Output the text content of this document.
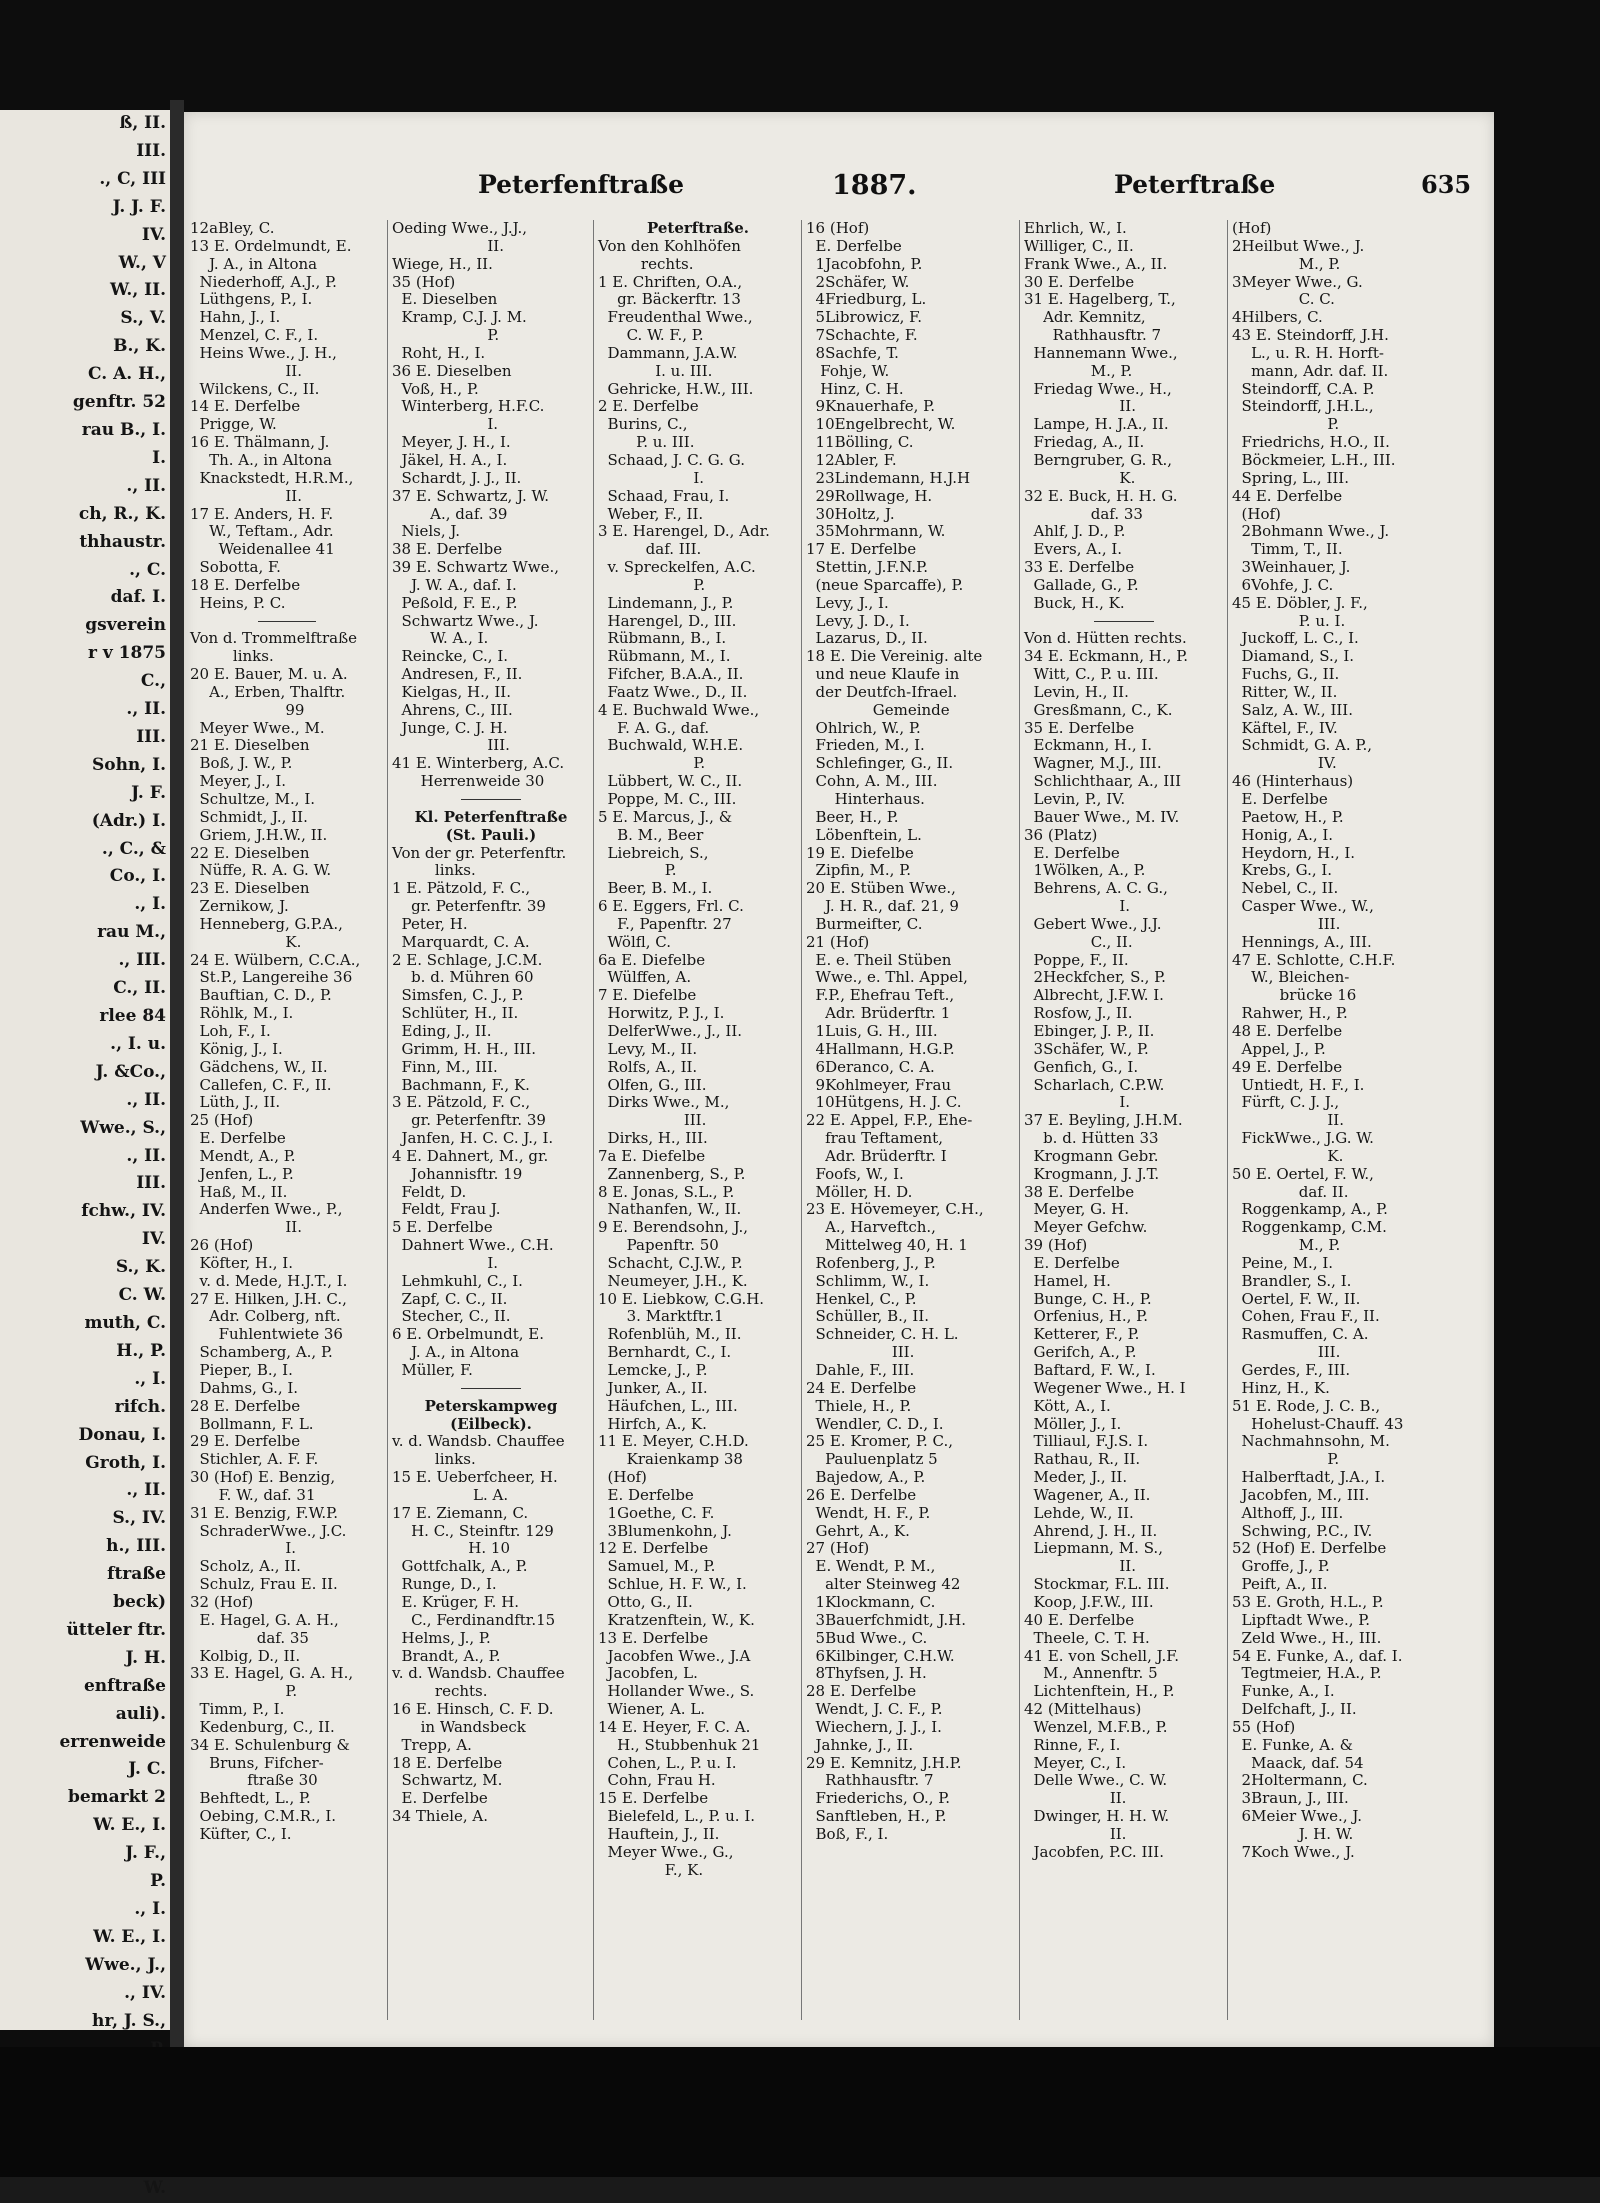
ß, II.
III.
., C, III
J. J. F.
IV.
W., V
W., II.
S., V.
B., K.
C. A. H.,
genftr. 52
rau B., I.
I.
., II.
ch, R., K.
thhaustr.
., C.
daf. I.
gsverein
r v 1875
C.,
., II.
III.
Sohn, I.
J. F.
(Adr.) I.
., C., &
Co., I.
., I.
rau M.,
., III.
C., II.
rlee 84
., I. u.
J. &Co.,
., II.
Wwe., S.,
., II.
III.
fchw., IV.
IV.
S., K.
C. W.
muth, C.
H., P.
., I.
rifch.
Donau, I.
Groth, I.
., II.
S., IV.
h., III.
ftraße
beck)
ütteler ftr.
J. H.
enftraße
auli).
errenweide
J. C.
bemarkt 2
W. E., I.
J. F.,
P.
., I.
W. E., I.
Wwe., J.,
., IV.
hr, J. S.,
W.
Peterfenftraße	1887.	Peterftraße	635
12aBley, C.
13 E. Ordelmundt, E.
J. A., in Altona
Niederhoff, A.J., P.
Lüthgens, P., I.
Hahn, J., I.
Menzel, C. F., I.
Heins Wwe., J. H.,
II.
Wilckens, C., II.
14 E. Derfelbe
Prigge, W.
16 E. Thälmann, J.
Th. A., in Altona
Knackstedt, H.R.M.,
II.
17 E. Anders, H. F.
W., Teftam., Adr.
Weidenallee 41
Sobotta, F.
18 E. Derfelbe
Heins, P. C.
Von d. Trommelftraße
links.
20 E. Bauer, M. u. A.
A., Erben, Thalftr.
99
Meyer Wwe., M.
21 E. Dieselben
Boß, J. W., P.
Meyer, J., I.
Schultze, M., I.
Schmidt, J., II.
Griem, J.H.W., II.
22 E. Dieselben
Nüffe, R. A. G. W.
23 E. Dieselben
Zernikow, J.
Henneberg, G.P.A.,
K.
24 E. Wülbern, C.C.A.,
St.P., Langereihe 36
Bauftian, C. D., P.
Röhlk, M., I.
Loh, F., I.
König, J., I.
Gädchens, W., II.
Callefen, C. F., II.
Lüth, J., II.
25 (Hof)
E. Derfelbe
Mendt, A., P.
Jenfen, L., P.
Haß, M., II.
Anderfen Wwe., P.,
II.
26 (Hof)
Köfter, H., I.
v. d. Mede, H.J.T., I.
27 E. Hilken, J.H. C.,
Adr. Colberg, nft.
Fuhlentwiete 36
Schamberg, A., P.
Pieper, B., I.
Dahms, G., I.
28 E. Derfelbe
Bollmann, F. L.
29 E. Derfelbe
Stichler, A. F. F.
30 (Hof) E. Benzig,
F. W., daf. 31
31 E. Benzig, F.W.P.
SchraderWwe., J.C.
I.
Scholz, A., II.
Schulz, Frau E. II.
32 (Hof)
E. Hagel, G. A. H.,
daf. 35
Kolbig, D., II.
33 E. Hagel, G. A. H.,
P.
Timm, P., I.
Kedenburg, C., II.
34 E. Schulenburg &
Bruns, Fifcher-
ftraße 30
Behftedt, L., P.
Oebing, C.M.R., I.
Küfter, C., I.
Oeding Wwe., J.J.,
II.
Wiege, H., II.
35 (Hof)
E. Dieselben
Kramp, C.J. J. M.
P.
Roht, H., I.
36 E. Dieselben
Voß, H., P.
Winterberg, H.F.C.
I.
Meyer, J. H., I.
Jäkel, H. A., I.
Schardt, J. J., II.
37 E. Schwartz, J. W.
A., daf. 39
Niels, J.
38 E. Derfelbe
39 E. Schwartz Wwe.,
J. W. A., daf. I.
Peßold, F. E., P.
Schwartz Wwe., J.
W. A., I.
Reincke, C., I.
Andresen, F., II.
Kielgas, H., II.
Ahrens, C., III.
Junge, C. J. H.
III.
41 E. Winterberg, A.C.
Herrenweide 30
Kl. Peterfenftraße
(St. Pauli.)
Von der gr. Peterfenftr.
links.
1 E. Pätzold, F. C.,
gr. Peterfenftr. 39
Peter, H.
Marquardt, C. A.
2 E. Schlage, J.C.M.
b. d. Mühren 60
Simsfen, C. J., P.
Schlüter, H., II.
Eding, J., II.
Grimm, H. H., III.
Finn, M., III.
Bachmann, F., K.
3 E. Pätzold, F. C.,
gr. Peterfenftr. 39
Janfen, H. C. C. J., I.
4 E. Dahnert, M., gr.
Johannisftr. 19
Feldt, D.
Feldt, Frau J.
5 E. Derfelbe
Dahnert Wwe., C.H.
I.
Lehmkuhl, C., I.
Zapf, C. C., II.
Stecher, C., II.
6 E. Orbelmundt, E.
J. A., in Altona
Müller, F.
Peterskampweg
(Eilbeck).
v. d. Wandsb. Chauffee
links.
15 E. Ueberfcheer, H.
L. A.
17 E. Ziemann, C.
H. C., Steinftr. 129
H. 10
Gottfchalk, A., P.
Runge, D., I.
E. Krüger, F. H.
C., Ferdinandftr.15
Helms, J., P.
Brandt, A., P.
v. d. Wandsb. Chauffee
rechts.
16 E. Hinsch, C. F. D.
in Wandsbeck
Trepp, A.
18 E. Derfelbe
Schwartz, M.
E. Derfelbe
34 Thiele, A.
Peterftraße.
Von den Kohlhöfen
rechts.
1 E. Chriften, O.A.,
gr. Bäckerftr. 13
Freudenthal Wwe.,
C. W. F., P.
Dammann, J.A.W.
I. u. III.
Gehricke, H.W., III.
2 E. Derfelbe
Burins, C.,
P. u. III.
Schaad, J. C. G. G.
I.
Schaad, Frau, I.
Weber, F., II.
3 E. Harengel, D., Adr.
daf. III.
v. Spreckelfen, A.C.
P.
Lindemann, J., P.
Harengel, D., III.
Rübmann, B., I.
Rübmann, M., I.
Fifcher, B.A.A., II.
Faatz Wwe., D., II.
4 E. Buchwald Wwe.,
F. A. G., daf.
Buchwald, W.H.E.
P.
Lübbert, W. C., II.
Poppe, M. C., III.
5 E. Marcus, J., &
B. M., Beer
Liebreich, S.,
P.
Beer, B. M., I.
6 E. Eggers, Frl. C.
F., Papenftr. 27
Wölfl, C.
6a E. Diefelbe
Wülffen, A.
7 E. Diefelbe
Horwitz, P. J., I.
DelferWwe., J., II.
Levy, M., II.
Rolfs, A., II.
Olfen, G., III.
Dirks Wwe., M.,
III.
Dirks, H., III.
7a E. Diefelbe
Zannenberg, S., P.
8 E. Jonas, S.L., P.
Nathanfen, W., II.
9 E. Berendsohn, J.,
Papenftr. 50
Schacht, C.J.W., P.
Neumeyer, J.H., K.
10 E. Liebkow, C.G.H.
3. Marktftr.1
Rofenblüh, M., II.
Bernhardt, C., I.
Lemcke, J., P.
Junker, A., II.
Häufchen, L., III.
Hirfch, A., K.
11 E. Meyer, C.H.D.
Kraienkamp 38
(Hof)
E. Derfelbe
1Goethe, C. F.
3Blumenkohn, J.
12 E. Derfelbe
Samuel, M., P.
Schlue, H. F. W., I.
Otto, G., II.
Kratzenftein, W., K.
13 E. Derfelbe
Jacobfen Wwe., J.A
Jacobfen, L.
Hollander Wwe., S.
Wiener, A. L.
14 E. Heyer, F. C. A.
H., Stubbenhuk 21
Cohen, L., P. u. I.
Cohn, Frau H.
15 E. Derfelbe
Bielefeld, L., P. u. I.
Hauftein, J., II.
Meyer Wwe., G.,
F., K.
16 (Hof)
E. Derfelbe
1Jacobfohn, P.
2Schäfer, W.
4Friedburg, L.
5Librowicz, F.
7Schachte, F.
8Sachfe, T.
Fohje, W.
Hinz, C. H.
9Knauerhafe, P.
10Engelbrecht, W.
11Bölling, C.
12Abler, F.
23Lindemann, H.J.H
29Rollwage, H.
30Holtz, J.
35Mohrmann, W.
17 E. Derfelbe
Stettin, J.F.N.P.
(neue Sparcaffe), P.
Levy, J., I.
Levy, J. D., I.
Lazarus, D., II.
18 E. Die Vereinig. alte
und neue Klaufe in
der Deutfch-Ifrael.
Gemeinde
Ohlrich, W., P.
Frieden, M., I.
Schlefinger, G., II.
Cohn, A. M., III.
Hinterhaus.
Beer, H., P.
Löbenftein, L.
19 E. Diefelbe
Zipfin, M., P.
20 E. Stüben Wwe.,
J. H. R., daf. 21, 9
Burmeifter, C.
21 (Hof)
E. e. Theil Stüben
Wwe., e. Thl. Appel,
F.P., Ehefrau Teft.,
Adr. Brüderftr. 1
1Luis, G. H., III.
4Hallmann, H.G.P.
6Deranco, C. A.
9Kohlmeyer, Frau
10Hütgens, H. J. C.
22 E. Appel, F.P., Ehe-
frau Teftament,
Adr. Brüderftr. I
Foofs, W., I.
Möller, H. D.
23 E. Hövemeyer, C.H.,
A., Harveftch.,
Mittelweg 40, H. 1
Rofenberg, J., P.
Schlimm, W., I.
Henkel, C., P.
Schüller, B., II.
Schneider, C. H. L.
III.
Dahle, F., III.
24 E. Derfelbe
Thiele, H., P.
Wendler, C. D., I.
25 E. Kromer, P. C.,
Pauluenplatz 5
Bajedow, A., P.
26 E. Derfelbe
Wendt, H. F., P.
Gehrt, A., K.
27 (Hof)
E. Wendt, P. M.,
alter Steinweg 42
1Klockmann, C.
3Bauerfchmidt, J.H.
5Bud Wwe., C.
6Kilbinger, C.H.W.
8Thyfsen, J. H.
28 E. Derfelbe
Wendt, J. C. F., P.
Wiechern, J. J., I.
Jahnke, J., II.
29 E. Kemnitz, J.H.P.
Rathhausftr. 7
Friederichs, O., P.
Sanftleben, H., P.
Boß, F., I.
Ehrlich, W., I.
Williger, C., II.
Frank Wwe., A., II.
30 E. Derfelbe
31 E. Hagelberg, T.,
Adr. Kemnitz,
Rathhausftr. 7
Hannemann Wwe.,
M., P.
Friedag Wwe., H.,
II.
Lampe, H. J.A., II.
Friedag, A., II.
Berngruber, G. R.,
K.
32 E. Buck, H. H. G.
daf. 33
Ahlf, J. D., P.
Evers, A., I.
33 E. Derfelbe
Gallade, G., P.
Buck, H., K.
Von d. Hütten rechts.
34 E. Eckmann, H., P.
Witt, C., P. u. III.
Levin, H., II.
Gresßmann, C., K.
35 E. Derfelbe
Eckmann, H., I.
Wagner, M.J., III.
Schlichthaar, A., III
Levin, P., IV.
Bauer Wwe., M. IV.
36 (Platz)
E. Derfelbe
1Wölken, A., P.
Behrens, A. C. G.,
I.
Gebert Wwe., J.J.
C., II.
Poppe, F., II.
2Heckfcher, S., P.
Albrecht, J.F.W. I.
Rosfow, J., II.
Ebinger, J. P., II.
3Schäfer, W., P.
Genfich, G., I.
Scharlach, C.P.W.
I.
37 E. Beyling, J.H.M.
b. d. Hütten 33
Krogmann Gebr.
Krogmann, J. J.T.
38 E. Derfelbe
Meyer, G. H.
Meyer Gefchw.
39 (Hof)
E. Derfelbe
Hamel, H.
Bunge, C. H., P.
Orfenius, H., P.
Ketterer, F., P.
Gerifch, A., P.
Baftard, F. W., I.
Wegener Wwe., H. I
Kött, A., I.
Möller, J., I.
Tilliaul, F.J.S. I.
Rathau, R., II.
Meder, J., II.
Wagener, A., II.
Lehde, W., II.
Ahrend, J. H., II.
Liepmann, M. S.,
II.
Stockmar, F.L. III.
Koop, J.F.W., III.
40 E. Derfelbe
Theele, C. T. H.
41 E. von Schell, J.F.
M., Annenftr. 5
Lichtenftein, H., P.
42 (Mittelhaus)
Wenzel, M.F.B., P.
Rinne, F., I.
Meyer, C., I.
Delle Wwe., C. W.
II.
Dwinger, H. H. W.
II.
Jacobfen, P.C. III.
(Hof)
2Heilbut Wwe., J.
M., P.
3Meyer Wwe., G.
C. C.
4Hilbers, C.
43 E. Steindorff, J.H.
L., u. R. H. Horft-
mann, Adr. daf. II.
Steindorff, C.A. P.
Steindorff, J.H.L.,
P.
Friedrichs, H.O., II.
Böckmeier, L.H., III.
Spring, L., III.
44 E. Derfelbe
(Hof)
2Bohmann Wwe., J.
Timm, T., II.
3Weinhauer, J.
6Vohfe, J. C.
45 E. Döbler, J. F.,
P. u. I.
Juckoff, L. C., I.
Diamand, S., I.
Fuchs, G., II.
Ritter, W., II.
Salz, A. W., III.
Käftel, F., IV.
Schmidt, G. A. P.,
IV.
46 (Hinterhaus)
E. Derfelbe
Paetow, H., P.
Honig, A., I.
Heydorn, H., I.
Krebs, G., I.
Nebel, C., II.
Casper Wwe., W.,
III.
Hennings, A., III.
47 E. Schlotte, C.H.F.
W., Bleichen-
brücke 16
Rahwer, H., P.
48 E. Derfelbe
Appel, J., P.
49 E. Derfelbe
Untiedt, H. F., I.
Fürft, C. J. J.,
II.
FickWwe., J.G. W.
K.
50 E. Oertel, F. W.,
daf. II.
Roggenkamp, A., P.
Roggenkamp, C.M.
M., P.
Peine, M., I.
Brandler, S., I.
Oertel, F. W., II.
Cohen, Frau F., II.
Rasmuffen, C. A.
III.
Gerdes, F., III.
Hinz, H., K.
51 E. Rode, J. C. B.,
Hohelust-Chauff. 43
Nachmahnsohn, M.
P.
Halberftadt, J.A., I.
Jacobfen, M., III.
Althoff, J., III.
Schwing, P.C., IV.
52 (Hof) E. Derfelbe
Groffe, J., P.
Peift, A., II.
53 E. Groth, H.L., P.
Lipftadt Wwe., P.
Zeld Wwe., H., III.
54 E. Funke, A., daf. I.
Tegtmeier, H.A., P.
Funke, A., I.
Delfchaft, J., II.
55 (Hof)
E. Funke, A. &
Maack, daf. 54
2Holtermann, C.
3Braun, J., III.
6Meier Wwe., J.
J. H. W.
7Koch Wwe., J.
